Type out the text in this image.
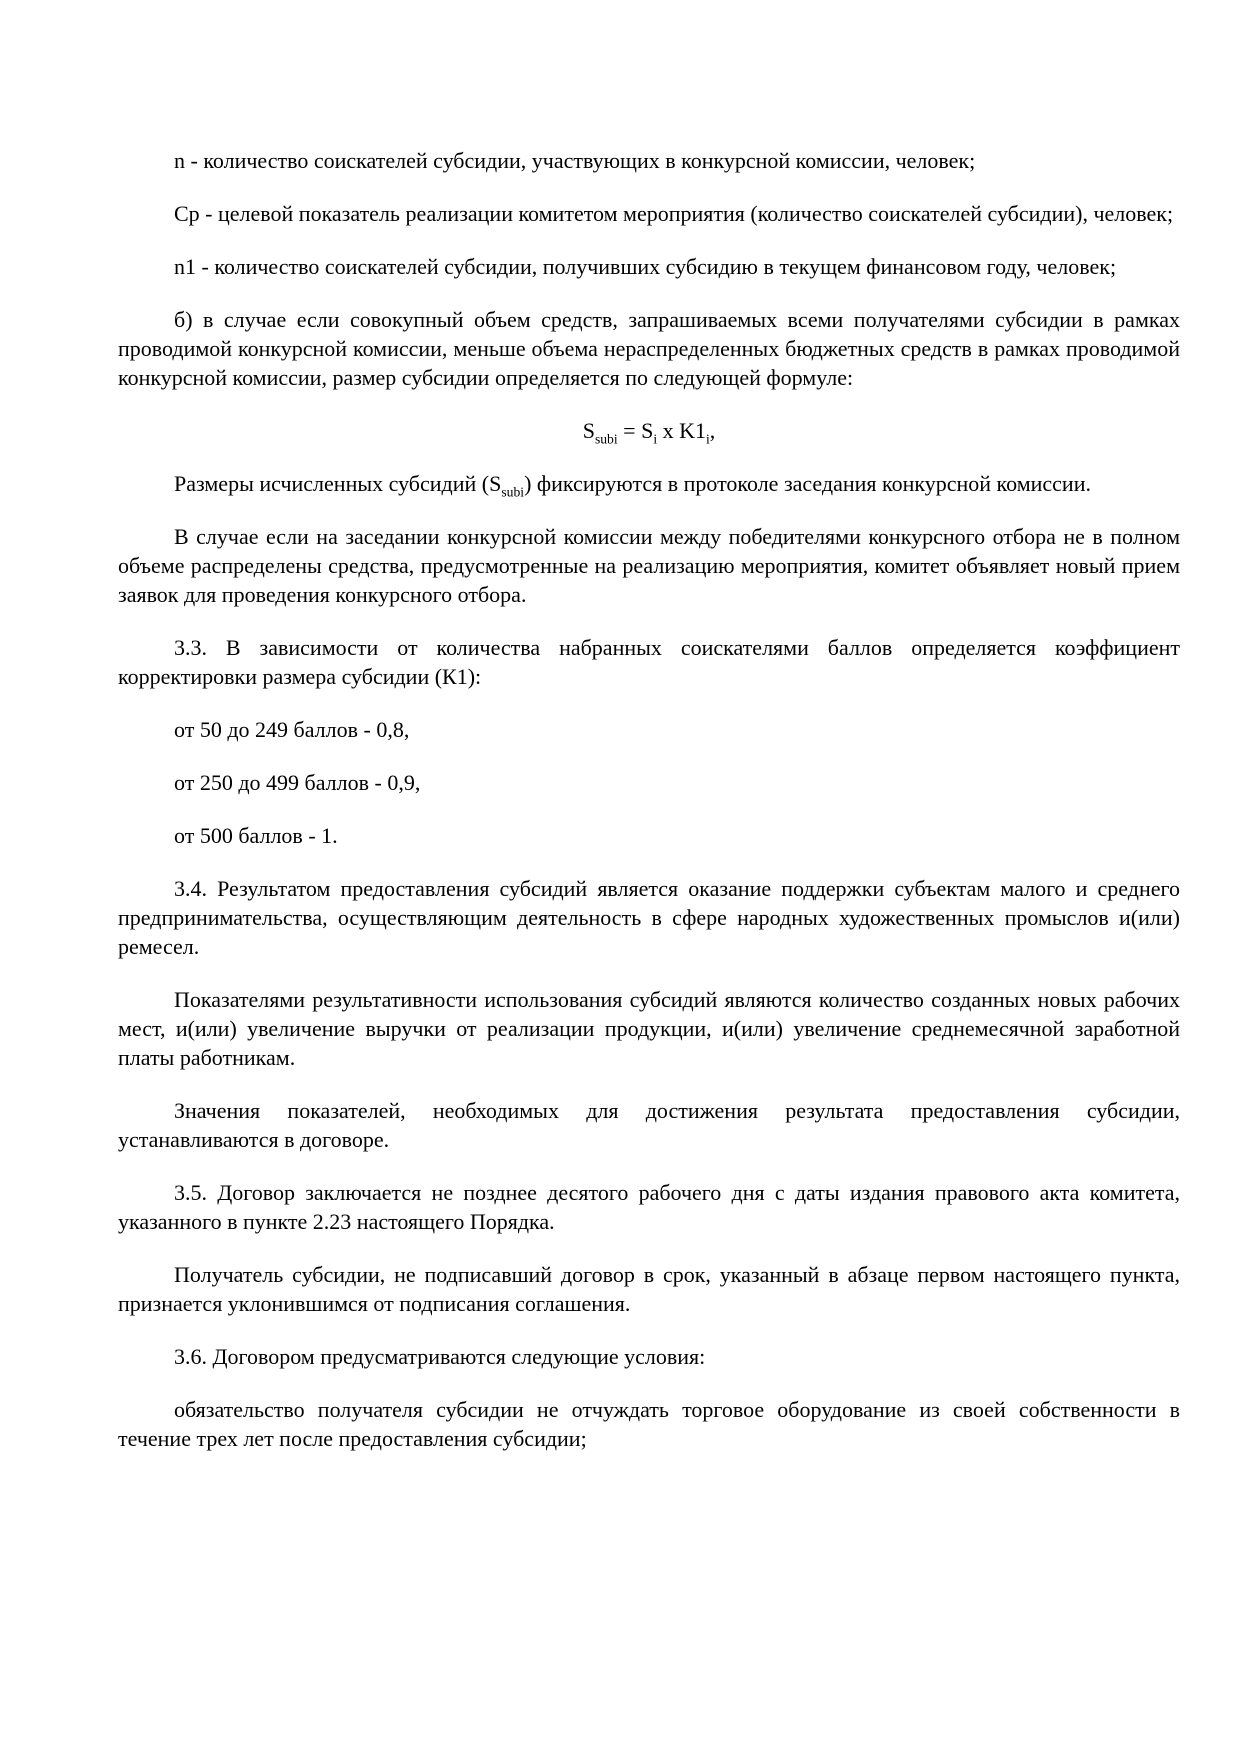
n - количество соискателей субсидии, участвующих в конкурсной комиссии, человек;

Ср - целевой показатель реализации комитетом мероприятия (количество соискателей субсидии), человек;

n1 - количество соискателей субсидии, получивших субсидию в текущем финансовом году, человек;

б) в случае если совокупный объем средств, запрашиваемых всеми получателями субсидии в рамках проводимой конкурсной комиссии, меньше объема нераспределенных бюджетных средств в рамках проводимой конкурсной комиссии, размер субсидии определяется по следующей формуле:

$S_{subi} = S_i$ x $K1_i$,

Размеры исчисленных субсидий $(S_{subi})$ фиксируются в протоколе заседания конкурсной комиссии.

В случае если на заседании конкурсной комиссии между победителями конкурсного отбора не в полном объеме распределены средства, предусмотренные на реализацию мероприятия, комитет объявляет новый прием заявок для проведения конкурсного отбора.

3.3. В зависимости от количества набранных соискателями баллов определяется коэффициент корректировки размера субсидии (К1):

от 50 до 249 баллов - 0,8,

от 250 до 499 баллов - 0,9,

от 500 баллов - 1.

3.4. Результатом предоставления субсидий является оказание поддержки субъектам малого и среднего предпринимательства, осуществляющим деятельность в сфере народных художественных промыслов и(или) ремесел.

Показателями результативности использования субсидий являются количество созданных новых рабочих мест, и(или) увеличение выручки от реализации продукции, и(или) увеличение среднемесячной заработной платы работникам.

Значения показателей, необходимых для достижения результата предоставления субсидии, устанавливаются в договоре.

3.5. Договор заключается не позднее десятого рабочего дня с даты издания правового акта комитета, указанного в пункте 2.23 настоящего Порядка.

Получатель субсидии, не подписавший договор в срок, указанный в абзаце первом настоящего пункта, признается уклонившимся от подписания соглашения.

3.6. Договором предусматриваются следующие условия:

обязательство получателя субсидии не отчуждать торговое оборудование из своей собственности в течение трех лет после предоставления субсидии;
